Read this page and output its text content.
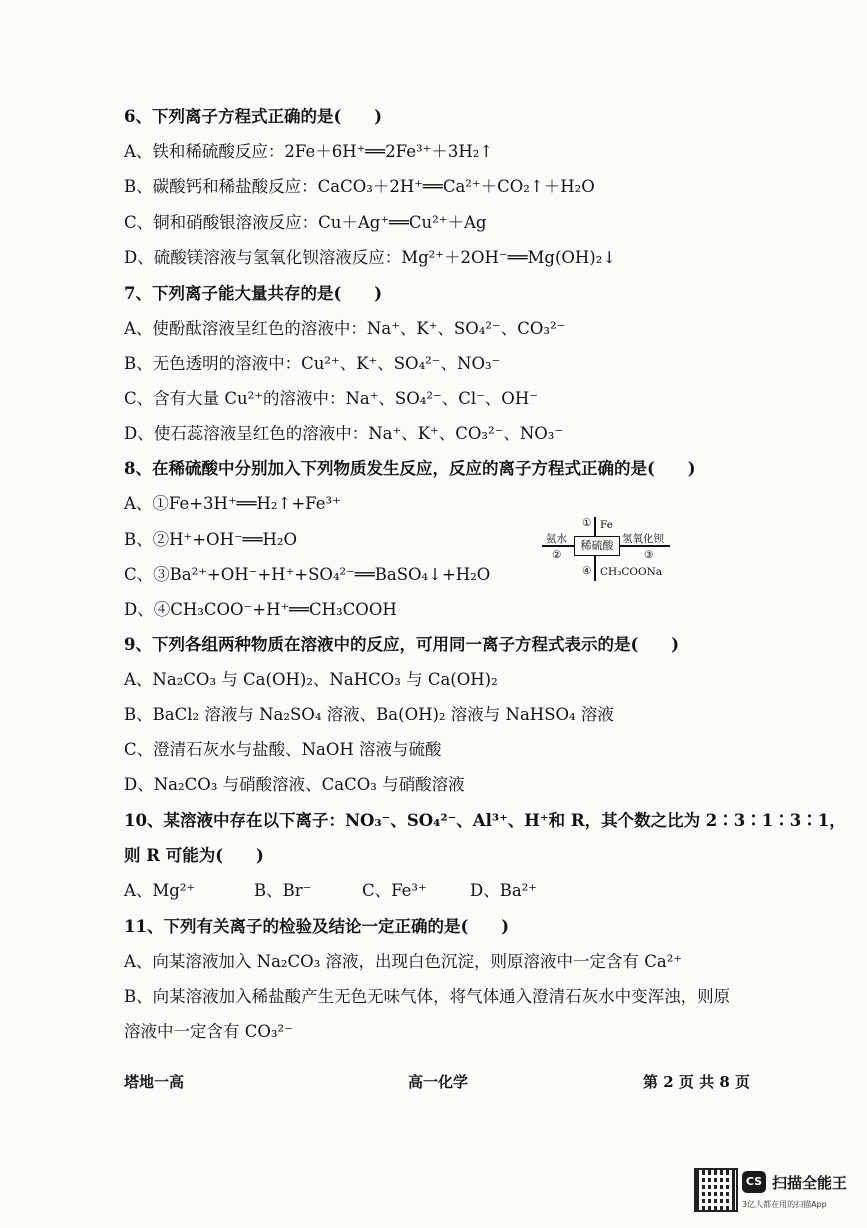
6、下列离子方程式正确的是(　　)
A、铁和稀硫酸反应：2Fe＋6H⁺══2Fe³⁺＋3H₂↑
B、碳酸钙和稀盐酸反应：CaCO₃＋2H⁺══Ca²⁺＋CO₂↑＋H₂O
C、铜和硝酸银溶液反应：Cu＋Ag⁺══Cu²⁺＋Ag
D、硫酸镁溶液与氢氧化钡溶液反应：Mg²⁺＋2OH⁻══Mg(OH)₂↓
7、下列离子能大量共存的是(　　)
A、使酚酞溶液呈红色的溶液中：Na⁺、K⁺、SO₄²⁻、CO₃²⁻
B、无色透明的溶液中：Cu²⁺、K⁺、SO₄²⁻、NO₃⁻
C、含有大量 Cu²⁺的溶液中：Na⁺、SO₄²⁻、Cl⁻、OH⁻
D、使石蕊溶液呈红色的溶液中：Na⁺、K⁺、CO₃²⁻、NO₃⁻
8、在稀硫酸中分别加入下列物质发生反应，反应的离子方程式正确的是(　　)
A、①Fe+3H⁺══H₂↑+Fe³⁺
B、②H⁺+OH⁻══H₂O
C、③Ba²⁺+OH⁻+H⁺+SO₄²⁻══BaSO₄↓+H₂O
D、④CH₃COO⁻+H⁺══CH₃COOH
稀硫酸
① Fe
氨水
②
氢氧化钡
③
④ CH₃COONa
9、下列各组两种物质在溶液中的反应，可用同一离子方程式表示的是(　　)
A、Na₂CO₃ 与 Ca(OH)₂、NaHCO₃ 与 Ca(OH)₂
B、BaCl₂ 溶液与 Na₂SO₄ 溶液、Ba(OH)₂ 溶液与 NaHSO₄ 溶液
C、澄清石灰水与盐酸、NaOH 溶液与硫酸
D、Na₂CO₃ 与硝酸溶液、CaCO₃ 与硝酸溶液
10、某溶液中存在以下离子：NO₃⁻、SO₄²⁻、Al³⁺、H⁺和 R，其个数之比为 2∶3∶1∶3∶1，
则 R 可能为(　　)
A、Mg²⁺	B、Br⁻	C、Fe³⁺	D、Ba²⁺
11、下列有关离子的检验及结论一定正确的是(　　)
A、向某溶液加入 Na₂CO₃ 溶液，出现白色沉淀，则原溶液中一定含有 Ca²⁺
B、向某溶液加入稀盐酸产生无色无味气体，将气体通入澄清石灰水中变浑浊，则原
溶液中一定含有 CO₃²⁻
塔地一高	高一化学	第 2 页 共 8 页
CS 扫描全能王
3亿人都在用的扫描App
